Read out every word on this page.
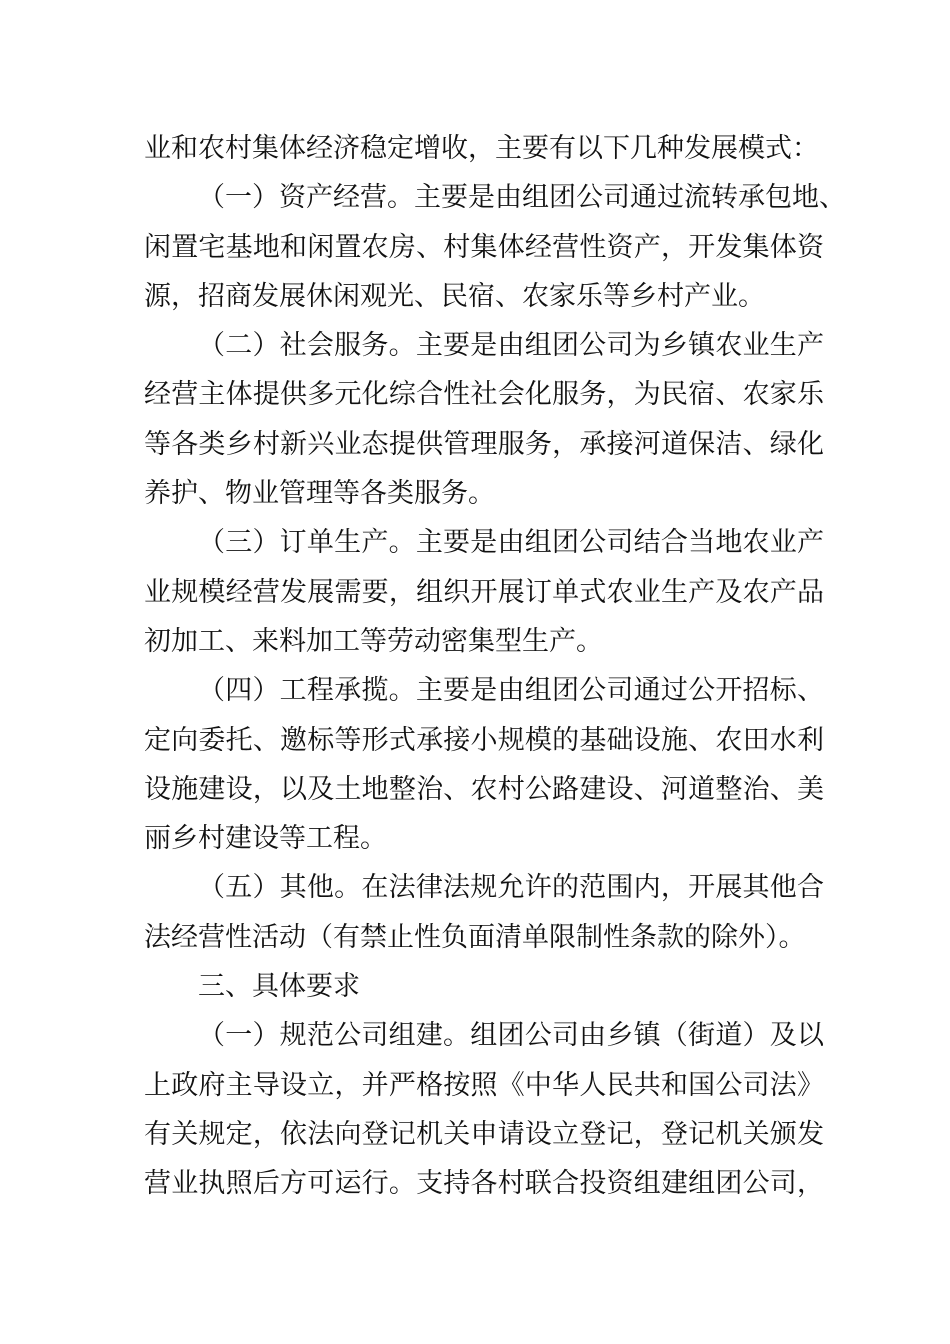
业和农村集体经济稳定增收，主要有以下几种发展模式：
（一）资产经营。主要是由组团公司通过流转承包地、
闲置宅基地和闲置农房、村集体经营性资产，开发集体资
源，招商发展休闲观光、民宿、农家乐等乡村产业。
（二）社会服务。主要是由组团公司为乡镇农业生产
经营主体提供多元化综合性社会化服务，为民宿、农家乐
等各类乡村新兴业态提供管理服务，承接河道保洁、绿化
养护、物业管理等各类服务。
（三）订单生产。主要是由组团公司结合当地农业产
业规模经营发展需要，组织开展订单式农业生产及农产品
初加工、来料加工等劳动密集型生产。
（四）工程承揽。主要是由组团公司通过公开招标、
定向委托、邀标等形式承接小规模的基础设施、农田水利
设施建设，以及土地整治、农村公路建设、河道整治、美
丽乡村建设等工程。
（五）其他。在法律法规允许的范围内，开展其他合
法经营性活动（有禁止性负面清单限制性条款的除外）。
三、具体要求
（一）规范公司组建。组团公司由乡镇（街道）及以
上政府主导设立，并严格按照《中华人民共和国公司法》
有关规定，依法向登记机关申请设立登记，登记机关颁发
营业执照后方可运行。支持各村联合投资组建组团公司，
